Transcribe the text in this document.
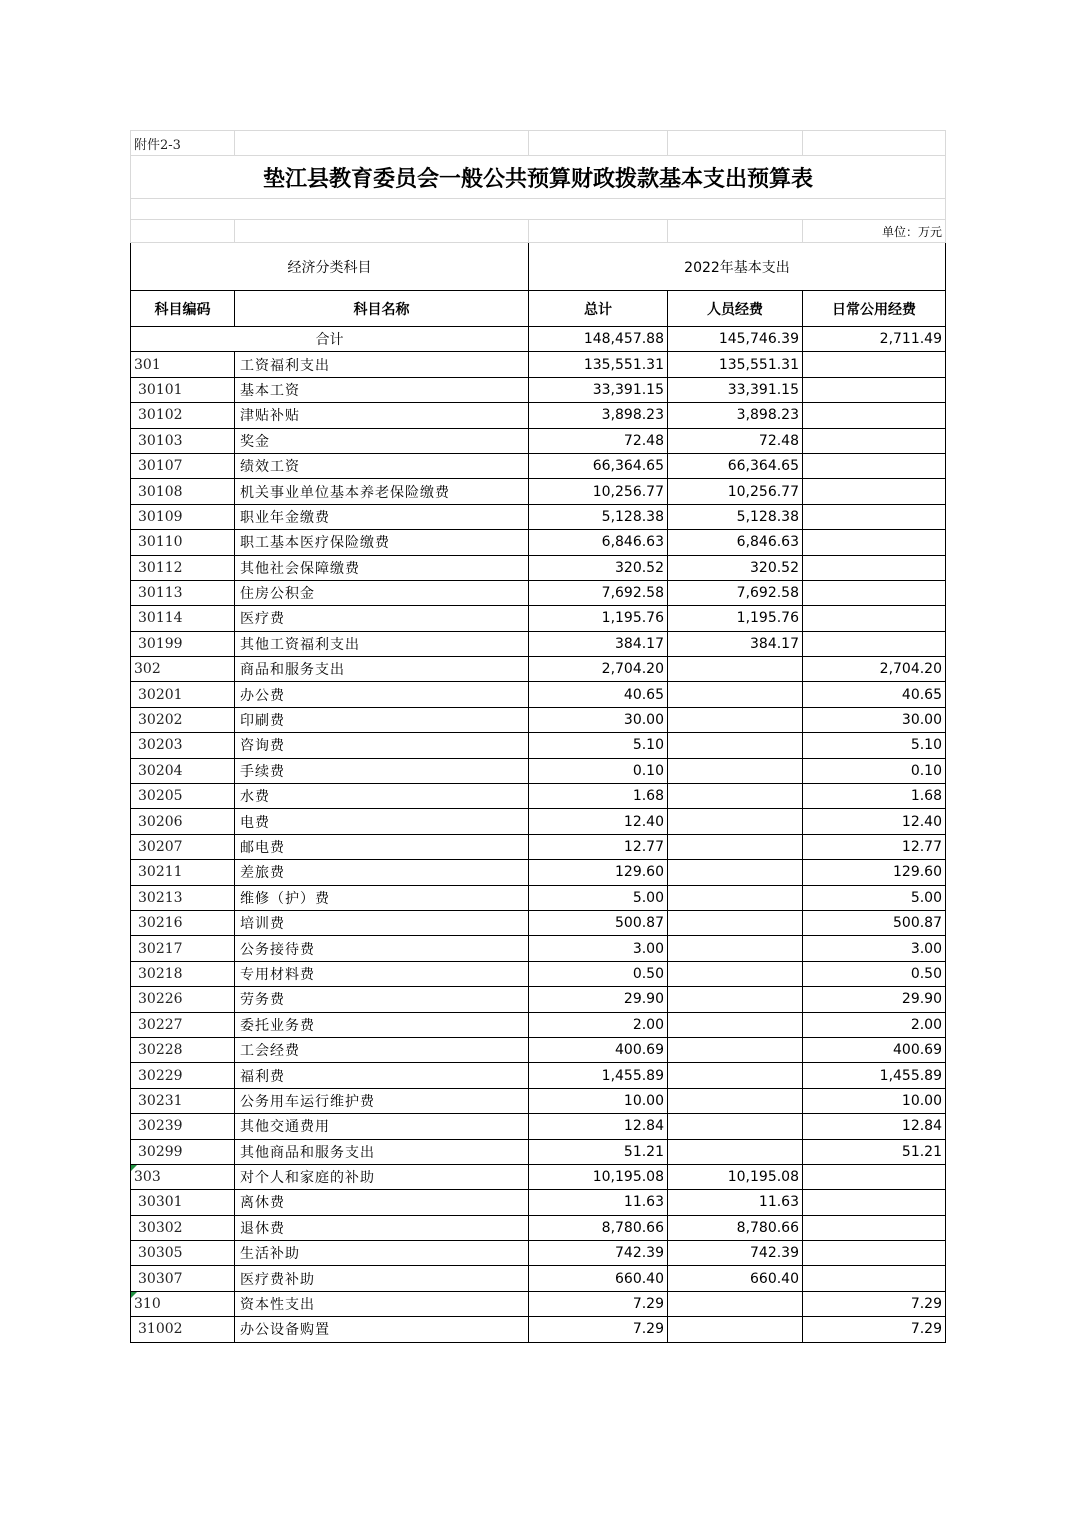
附件2-3				
垫江县教育委员会一般公共预算财政拨款基本支出预算表				

				单位：万元
经济分类科目		2022年基本支出		
科目编码	科目名称	总计	人员经费	日常公用经费
合计		148,457.88	145,746.39	2,711.49
301	工资福利支出	135,551.31	135,551.31	
30101	基本工资	33,391.15	33,391.15	
30102	津贴补贴	3,898.23	3,898.23	
30103	奖金	72.48	72.48	
30107	绩效工资	66,364.65	66,364.65	
30108	机关事业单位基本养老保险缴费	10,256.77	10,256.77	
30109	职业年金缴费	5,128.38	5,128.38	
30110	职工基本医疗保险缴费	6,846.63	6,846.63	
30112	其他社会保障缴费	320.52	320.52	
30113	住房公积金	7,692.58	7,692.58	
30114	医疗费	1,195.76	1,195.76	
30199	其他工资福利支出	384.17	384.17	
302	商品和服务支出	2,704.20		2,704.20
30201	办公费	40.65		40.65
30202	印刷费	30.00		30.00
30203	咨询费	5.10		5.10
30204	手续费	0.10		0.10
30205	水费	1.68		1.68
30206	电费	12.40		12.40
30207	邮电费	12.77		12.77
30211	差旅费	129.60		129.60
30213	维修（护）费	5.00		5.00
30216	培训费	500.87		500.87
30217	公务接待费	3.00		3.00
30218	专用材料费	0.50		0.50
30226	劳务费	29.90		29.90
30227	委托业务费	2.00		2.00
30228	工会经费	400.69		400.69
30229	福利费	1,455.89		1,455.89
30231	公务用车运行维护费	10.00		10.00
30239	其他交通费用	12.84		12.84
30299	其他商品和服务支出	51.21		51.21

303	对个人和家庭的补助	10,195.08	10,195.08	
30301	离休费	11.63	11.63	
30302	退休费	8,780.66	8,780.66	
30305	生活补助	742.39	742.39	
30307	医疗费补助	660.40	660.40	

310	资本性支出	7.29		7.29
31002	办公设备购置	7.29		7.29
